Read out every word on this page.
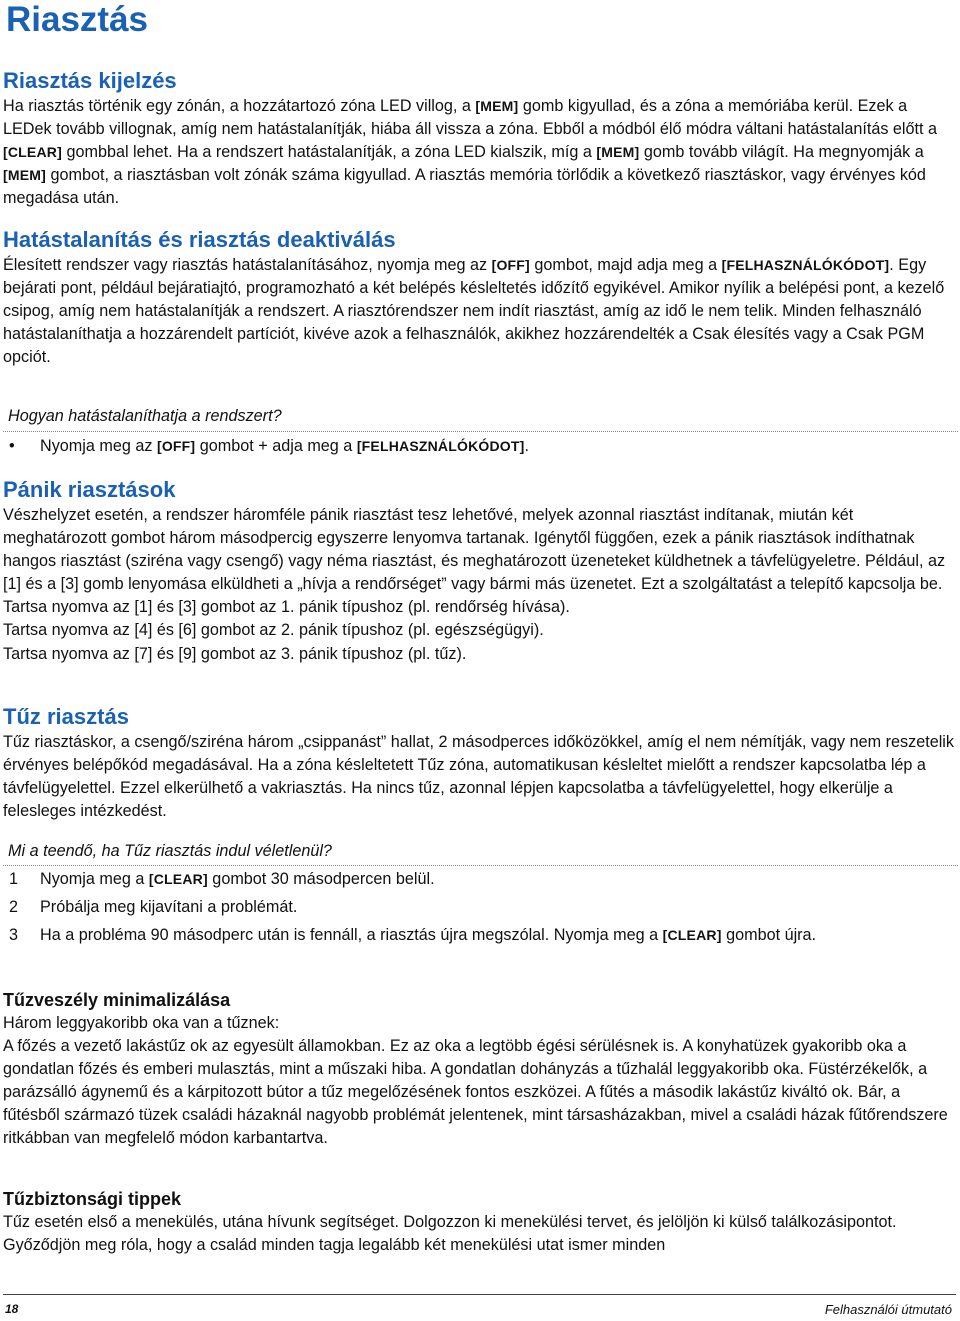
Riasztás
Riasztás kijelzés

Ha riasztás történik egy zónán, a hozzátartozó zóna LED villog, a [MEM] gomb kigyullad, és a zóna a memóriába kerül. Ezek a LEDek tovább villognak, amíg nem hatástalanítják, hiába áll vissza a zóna. Ebből a módból élő módra váltani hatástalanítás előtt a [CLEAR] gombbal lehet. Ha a rendszert hatástalanítják, a zóna LED kialszik, míg a [MEM] gomb tovább világít. Ha megnyomják a [MEM] gombot, a riasztásban volt zónák száma kigyullad. A riasztás memória törlődik a következő riasztáskor, vagy érvényes kód megadása után.

Hatástalanítás és riasztás deaktiválás

Élesített rendszer vagy riasztás hatástalanításához, nyomja meg az [OFF] gombot, majd adja meg a [FELHASZNÁLÓKÓDOT]. Egy bejárati pont, például bejáratiajtó, programozható a két belépés késleltetés időzítő egyikével. Amikor nyílik a belépési pont, a kezelő csipog, amíg nem hatástalanítják a rendszert. A riasztórendszer nem indít riasztást, amíg az idő le nem telik. Minden felhasználó hatástalaníthatja a hozzárendelt partíciót, kivéve azok a felhasználók, akikhez hozzárendelték a Csak élesítés vagy a Csak PGM opciót.

Hogyan hatástalaníthatja a rendszert?

• Nyomja meg az [OFF] gombot + adja meg a [FELHASZNÁLÓKÓDOT].

Pánik riasztások

Vészhelyzet esetén, a rendszer háromféle pánik riasztást tesz lehetővé, melyek azonnal riasztást indítanak, miután két meghatározott gombot három másodpercig egyszerre lenyomva tartanak. Igénytől függően, ezek a pánik riasztások indíthatnak hangos riasztást (sziréna vagy csengő) vagy néma riasztást, és meghatározott üzeneteket küldhetnek a távfelügyeletre. Például, az [1] és a [3] gomb lenyomása elküldheti a „hívja a rendőrséget” vagy bármi más üzenetet. Ezt a szolgáltatást a telepítő kapcsolja be.

Tartsa nyomva az [1] és [3] gombot az 1. pánik típushoz (pl. rendőrség hívása).

Tartsa nyomva az [4] és [6] gombot az 2. pánik típushoz (pl. egészségügyi).

Tartsa nyomva az [7] és [9] gombot az 3. pánik típushoz (pl. tűz).

Tűz riasztás

Tűz riasztáskor, a csengő/sziréna három „csippanást” hallat, 2 másodperces időközökkel, amíg el nem némítják, vagy nem reszetelik érvényes belépőkód megadásával. Ha a zóna késleltetett Tűz zóna, automatikusan késleltet mielőtt a rendszer kapcsolatba lép a távfelügyelettel. Ezzel elkerülhető a vakriasztás. Ha nincs tűz, azonnal lépjen kapcsolatba a távfelügyelettel, hogy elkerülje a felesleges intézkedést.

Mi a teendő, ha Tűz riasztás indul véletlenül?

1 Nyomja meg a [CLEAR] gombot 30 másodpercen belül.

2 Próbálja meg kijavítani a problémát.

3 Ha a probléma 90 másodperc után is fennáll, a riasztás újra megszólal. Nyomja meg a [CLEAR] gombot újra.

Tűzveszély minimalizálása

Három leggyakoribb oka van a tűznek:

A főzés a vezető lakástűz ok az egyesült államokban. Ez az oka a legtöbb égési sérülésnek is. A konyhatüzek gyakoribb oka a gondatlan főzés és emberi mulasztás, mint a műszaki hiba. A gondatlan dohányzás a tűzhalál leggyakoribb oka. Füstérzékelők, a parázsálló ágynemű és a kárpitozott bútor a tűz megelőzésének fontos eszközei. A fűtés a második lakástűz kiváltó ok. Bár, a fűtésből származó tüzek családi házaknál nagyobb problémát jelentenek, mint társasházakban, mivel a családi házak fűtőrendszere ritkábban van megfelelő módon karbantartva.

Tűzbiztonsági tippek

Tűz esetén első a menekülés, utána hívunk segítséget. Dolgozzon ki menekülési tervet, és jelöljön ki külső találkozásipontot. Győződjön meg róla, hogy a család minden tagja legalább két menekülési utat ismer minden

18	Felhasználói útmutató
